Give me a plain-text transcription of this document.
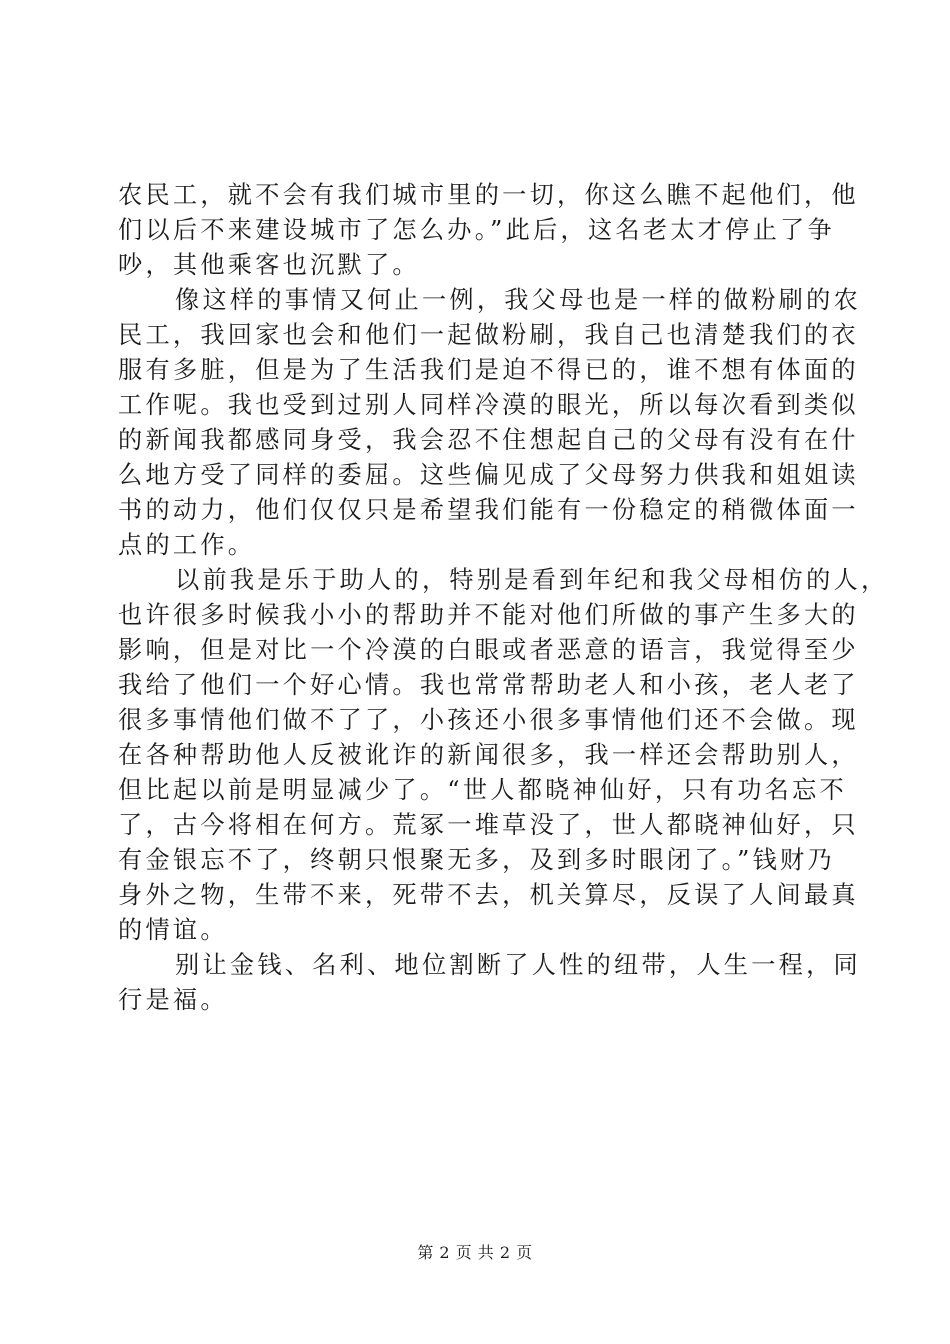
农民工，就不会有我们城市里的一切，你这么瞧不起他们，他
们以后不来建设城市了怎么办。”此后，这名老太才停止了争
吵，其他乘客也沉默了。
像这样的事情又何止一例，我父母也是一样的做粉刷的农
民工，我回家也会和他们一起做粉刷，我自己也清楚我们的衣
服有多脏，但是为了生活我们是迫不得已的，谁不想有体面的
工作呢。我也受到过别人同样冷漠的眼光，所以每次看到类似
的新闻我都感同身受，我会忍不住想起自己的父母有没有在什
么地方受了同样的委屈。这些偏见成了父母努力供我和姐姐读
书的动力，他们仅仅只是希望我们能有一份稳定的稍微体面一
点的工作。
以前我是乐于助人的，特别是看到年纪和我父母相仿的人，
也许很多时候我小小的帮助并不能对他们所做的事产生多大的
影响，但是对比一个冷漠的白眼或者恶意的语言，我觉得至少
我给了他们一个好心情。我也常常帮助老人和小孩，老人老了
很多事情他们做不了了，小孩还小很多事情他们还不会做。现
在各种帮助他人反被讹诈的新闻很多，我一样还会帮助别人，
但比起以前是明显减少了。“世人都晓神仙好，只有功名忘不
了，古今将相在何方。荒冢一堆草没了，世人都晓神仙好，只
有金银忘不了，终朝只恨聚无多，及到多时眼闭了。”钱财乃
身外之物，生带不来，死带不去，机关算尽，反误了人间最真
的情谊。
别让金钱、名利、地位割断了人性的纽带，人生一程，同
行是福。
第 2 页 共 2 页
